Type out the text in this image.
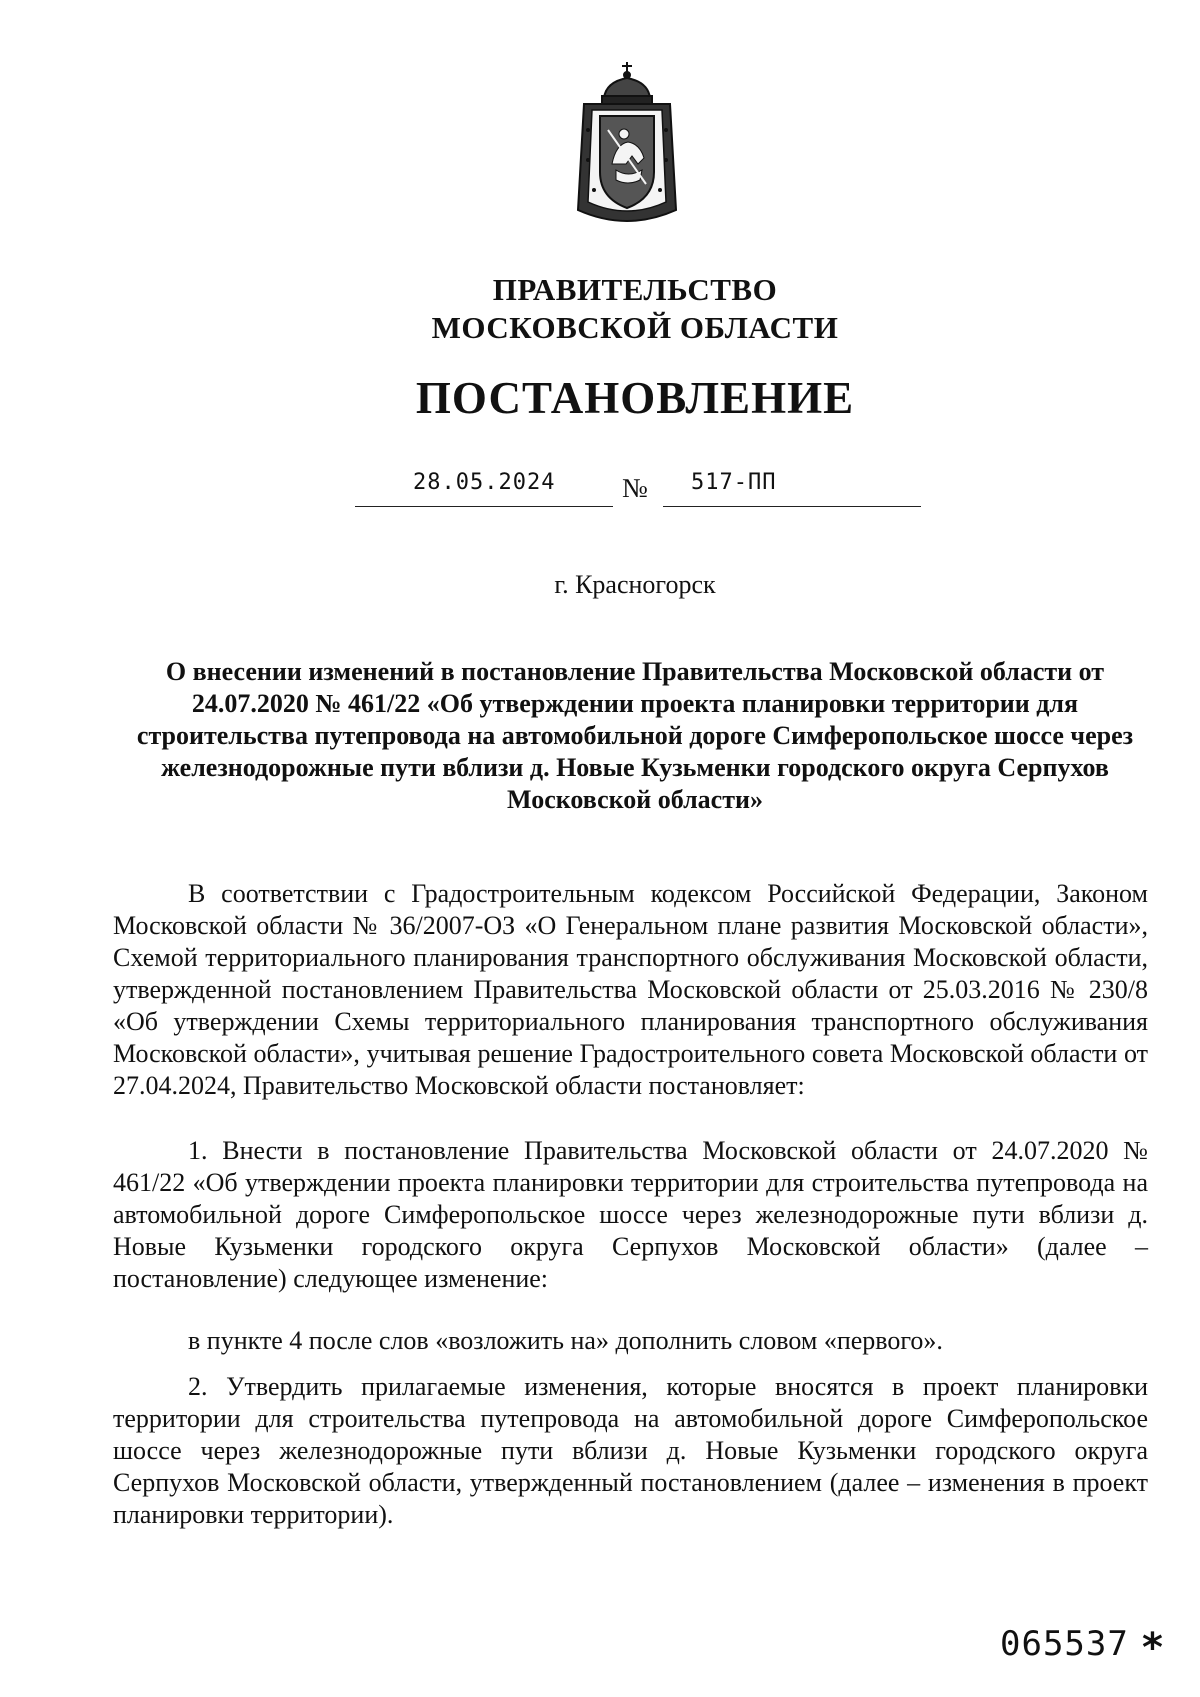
ПРАВИТЕЛЬСТВО
МОСКОВСКОЙ ОБЛАСТИ
ПОСТАНОВЛЕНИЕ
28.05.2024 № 517-ПП
г. Красногорск
О внесении изменений в постановление Правительства Московской области от 24.07.2020 № 461/22 «Об утверждении проекта планировки территории для строительства путепровода на автомобильной дороге Симферопольское шоссе через железнодорожные пути вблизи д. Новые Кузьменки городского округа Серпухов Московской области»

В соответствии с Градостроительным кодексом Российской Федерации, Законом Московской области № 36/2007-ОЗ «О Генеральном плане развития Московской области», Схемой территориального планирования транспортного обслуживания Московской области, утвержденной постановлением Правительства Московской области от 25.03.2016 № 230/8 «Об утверждении Схемы территориального планирования транспортного обслуживания Московской области», учитывая решение Градостроительного совета Московской области от 27.04.2024, Правительство Московской области постановляет:

1. Внести в постановление Правительства Московской области от 24.07.2020 № 461/22 «Об утверждении проекта планировки территории для строительства путепровода на автомобильной дороге Симферопольское шоссе через железнодорожные пути вблизи д. Новые Кузьменки городского округа Серпухов Московской области» (далее – постановление) следующее изменение:

в пункте 4 после слов «возложить на» дополнить словом «первого».

2. Утвердить прилагаемые изменения, которые вносятся в проект планировки территории для строительства путепровода на автомобильной дороге Симферопольское шоссе через железнодорожные пути вблизи д. Новые Кузьменки городского округа Серпухов Московской области, утвержденный постановлением (далее – изменения в проект планировки территории).

065537 *
